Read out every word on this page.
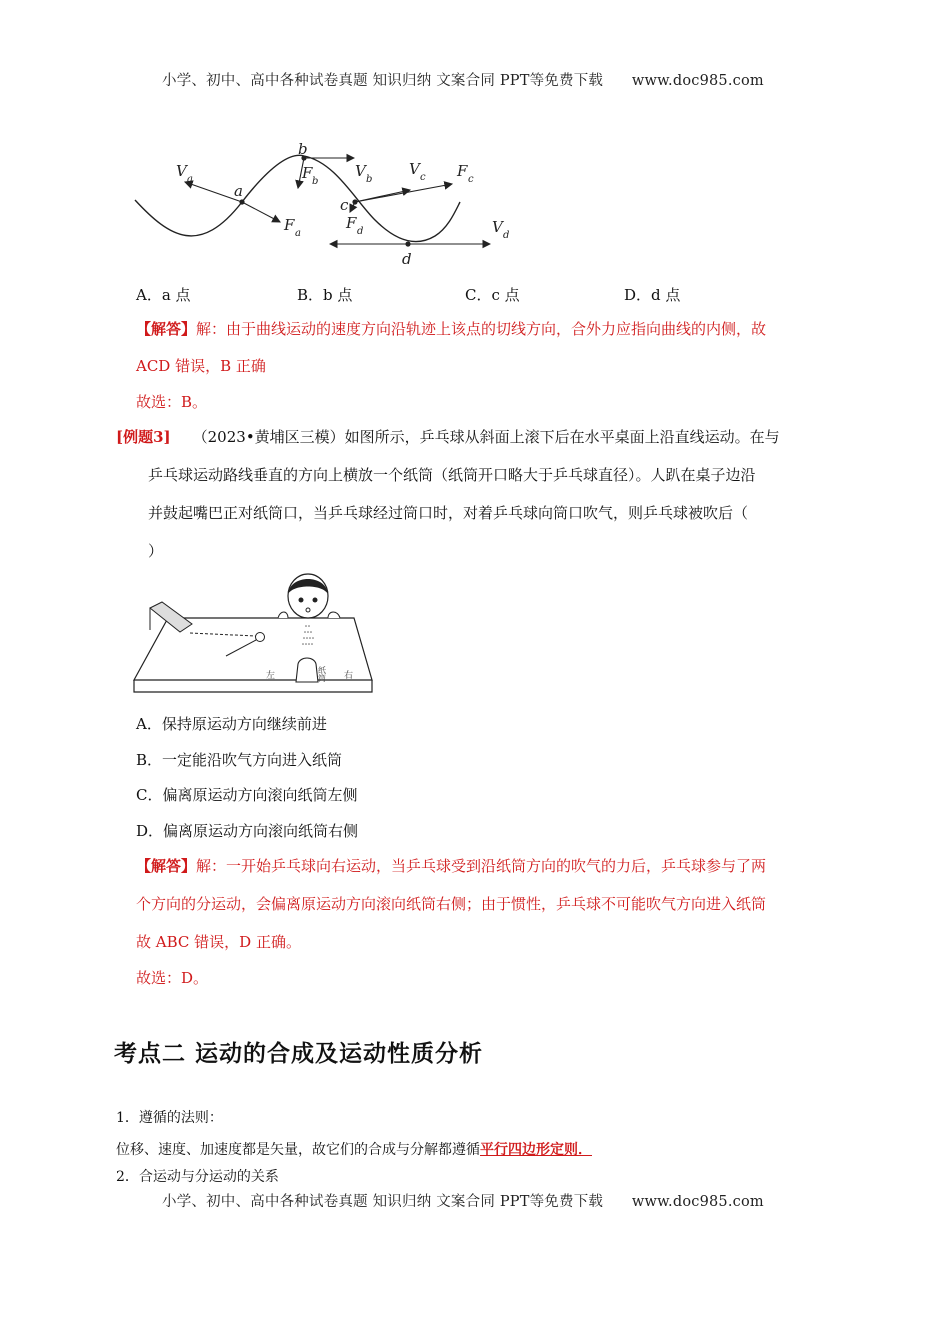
小学、初中、高中各种试卷真题 知识归纳 文案合同 PPT等免费下载 www.doc985.com
V a
a
b
F b
V b
V c F c
c
F a
F d	V d
d
A．a 点	B．b 点	C．c 点	D．d 点
【解答】解：由于曲线运动的速度方向沿轨迹上该点的切线方向，合外力应指向曲线的内侧，故
ACD 错误，B 正确
故选：B。
[例题3] （2023•黄埔区三模）如图所示，乒乓球从斜面上滚下后在水平桌面上沿直线运动。在与
乒乓球运动路线垂直的方向上横放一个纸筒（纸筒开口略大于乒乓球直径）。人趴在桌子边沿
并鼓起嘴巴正对纸筒口，当乒乓球经过筒口时，对着乒乓球向筒口吹气，则乒乓球被吹后（
）
左	纸筒 右
A．保持原运动方向继续前进
B．一定能沿吹气方向进入纸筒
C．偏离原运动方向滚向纸筒左侧
D．偏离原运动方向滚向纸筒右侧
【解答】解：一开始乒乓球向右运动，当乒乓球受到沿纸筒方向的吹气的力后，乒乓球参与了两
个方向的分运动，会偏离原运动方向滚向纸筒右侧；由于惯性，乒乓球不可能吹气方向进入纸筒
故 ABC 错误，D 正确。
故选：D。
考点二 运动的合成及运动性质分析
1．遵循的法则：
位移、速度、加速度都是矢量，故它们的合成与分解都遵循平行四边形定则．
2．合运动与分运动的关系
小学、初中、高中各种试卷真题 知识归纳 文案合同 PPT等免费下载 www.doc985.com
